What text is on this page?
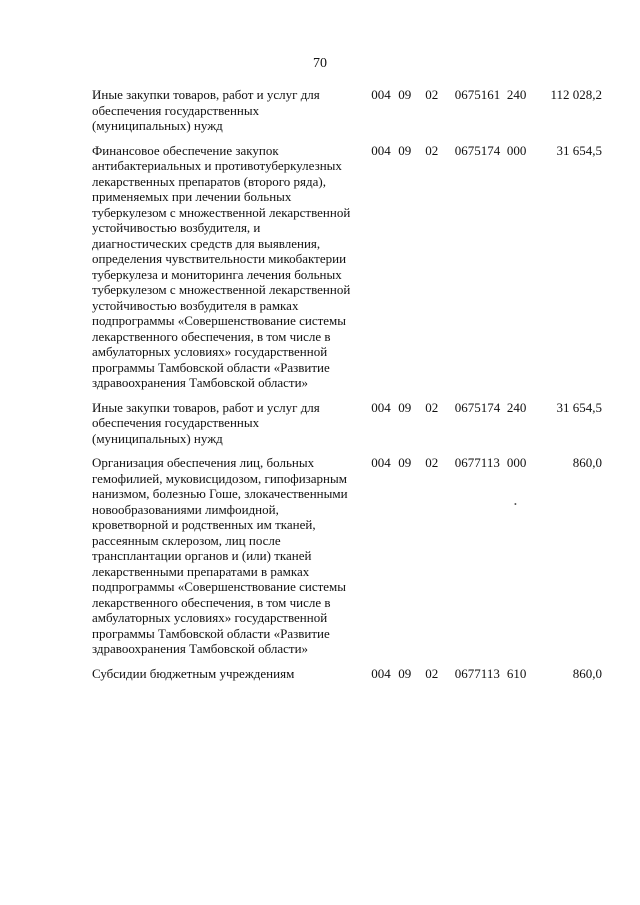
70
Иные закупки товаров, работ и услуг для обеспечения государственных (муниципальных) нужд	004	09	02	0675161	240	112 028,2

Финансовое обеспечение закупок антибактериальных и противотуберкулезных лекарственных препаратов (второго ряда), применяемых при лечении больных туберкулезом с множественной лекарственной устойчивостью возбудителя, и диагностических средств для выявления, определения чувствительности микобактерии туберкулеза и мониторинга лечения больных туберкулезом с множественной лекарственной устойчивостью возбудителя в рамках подпрограммы «Совершенствование системы лекарственного обеспечения, в том числе в амбулаторных условиях» государственной программы Тамбовской области «Развитие здравоохранения Тамбовской области»	004	09	02	0675174	000	31 654,5

Иные закупки товаров, работ и услуг для обеспечения государственных (муниципальных) нужд	004	09	02	0675174	240	31 654,5

Организация обеспечения лиц, больных гемофилией, муковисцидозом, гипофизарным нанизмом, болезнью Гоше, злокачественными новообразованиями лимфоидной, кроветворной и родственных им тканей, рассеянным склерозом, лиц после трансплантации органов и (или) тканей лекарственными препаратами в рамках подпрограммы «Совершенствование системы лекарственного обеспечения, в том числе в амбулаторных условиях» государственной программы Тамбовской области «Развитие здравоохранения Тамбовской области»	004	09	02	0677113	000	860,0

Субсидии бюджетным учреждениям	004	09	02	0677113	610	860,0
•
